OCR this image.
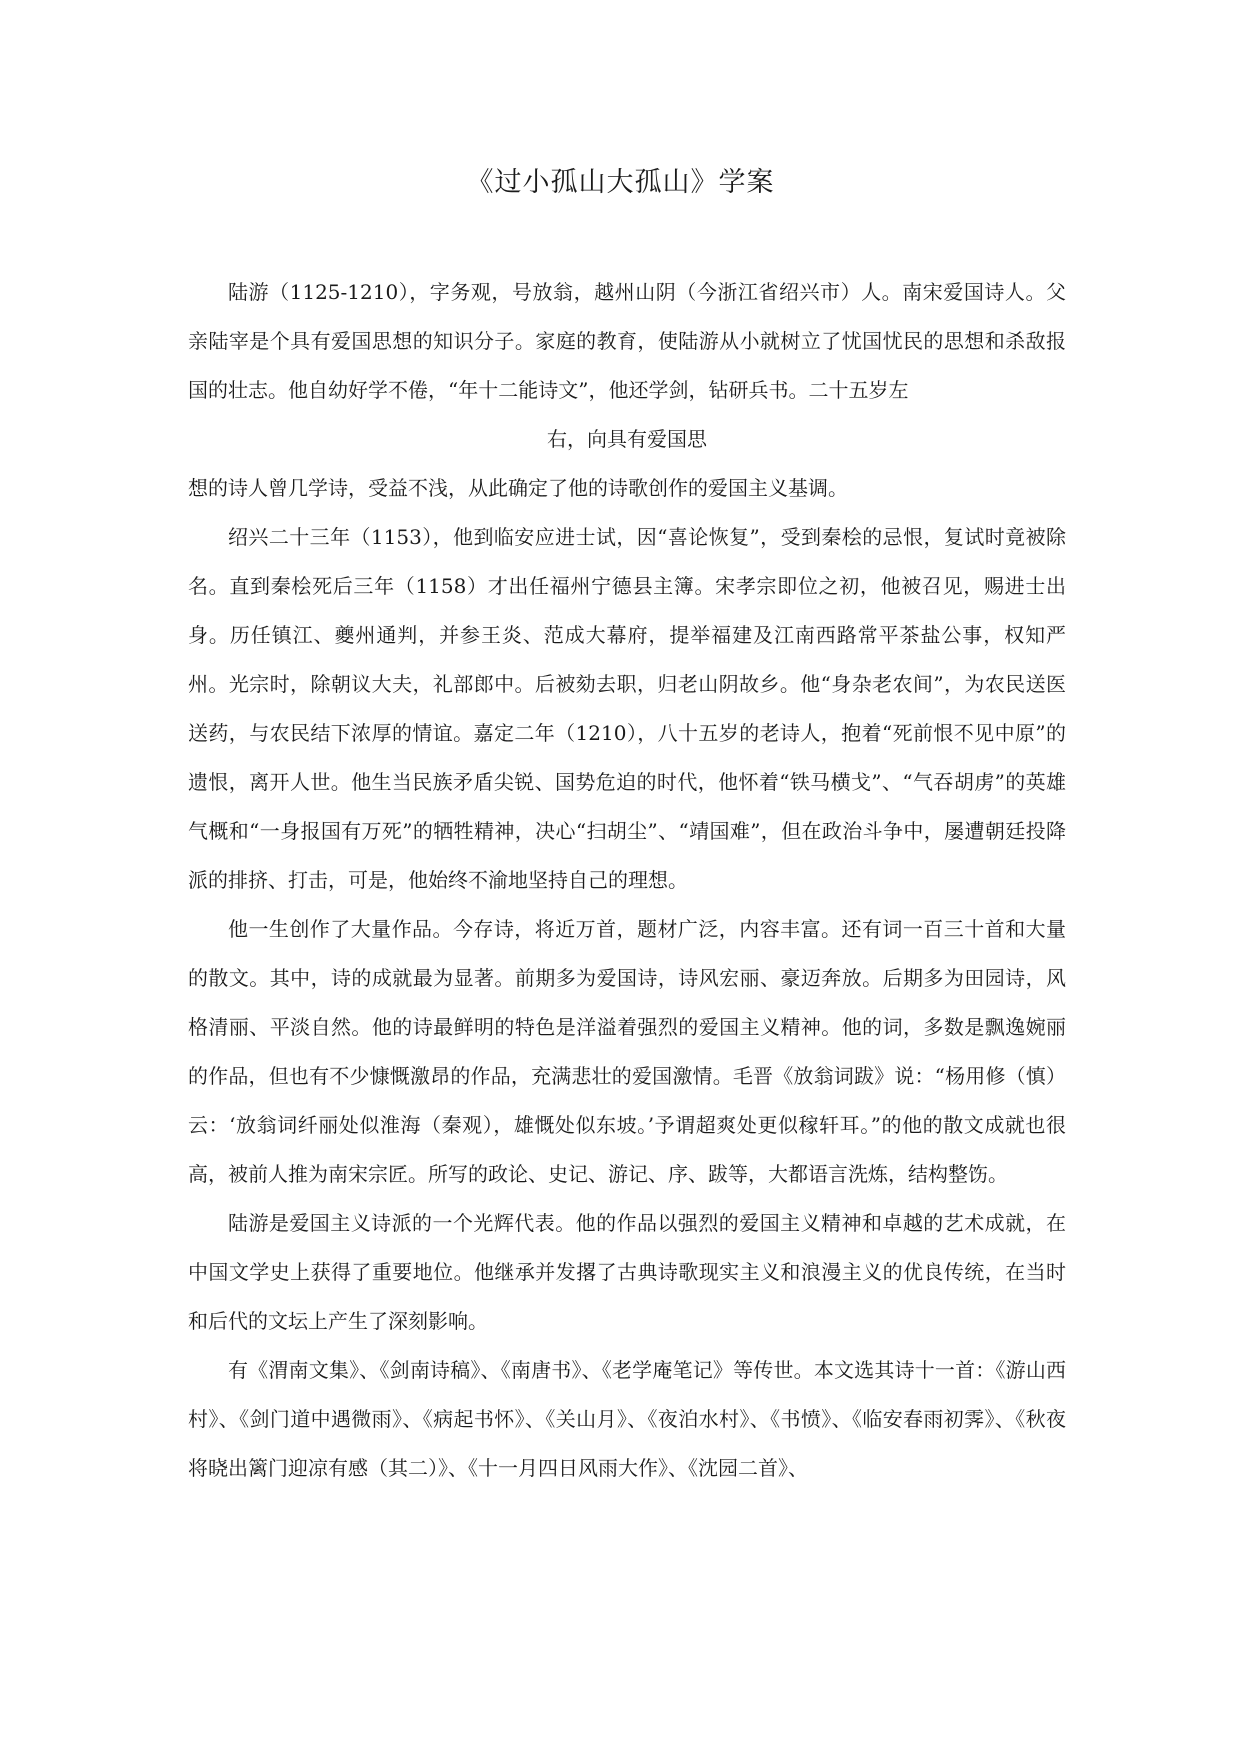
《过小孤山大孤山》学案

陆游（1125-1210），字务观，号放翁，越州山阴（今浙江省绍兴市）人。南宋爱国诗人。父亲陆宰是个具有爱国思想的知识分子。家庭的教育，使陆游从小就树立了忧国忧民的思想和杀敌报国的壮志。他自幼好学不倦，“年十二能诗文”，他还学剑，钻研兵书。二十五岁左

右，向具有爱国思

想的诗人曾几学诗，受益不浅，从此确定了他的诗歌创作的爱国主义基调。

绍兴二十三年（1153），他到临安应进士试，因“喜论恢复”，受到秦桧的忌恨，复试时竟被除名。直到秦桧死后三年（1158）才出任福州宁德县主簿。宋孝宗即位之初，他被召见，赐进士出身。历任镇江、夔州通判，并参王炎、范成大幕府，提举福建及江南西路常平茶盐公事，权知严州。光宗时，除朝议大夫，礼部郎中。后被劾去职，归老山阴故乡。他“身杂老农间”，为农民送医送药，与农民结下浓厚的情谊。嘉定二年（1210），八十五岁的老诗人，抱着“死前恨不见中原”的遗恨，离开人世。他生当民族矛盾尖锐、国势危迫的时代，他怀着“铁马横戈”、“气吞胡虏”的英雄气概和“一身报国有万死”的牺牲精神，决心“扫胡尘”、“靖国难”，但在政治斗争中，屡遭朝廷投降派的排挤、打击，可是，他始终不渝地坚持自己的理想。

他一生创作了大量作品。今存诗，将近万首，题材广泛，内容丰富。还有词一百三十首和大量的散文。其中，诗的成就最为显著。前期多为爱国诗，诗风宏丽、豪迈奔放。后期多为田园诗，风格清丽、平淡自然。他的诗最鲜明的特色是洋溢着强烈的爱国主义精神。他的词，多数是飘逸婉丽的作品，但也有不少慷慨激昂的作品，充满悲壮的爱国激情。毛晋《放翁词跋》说：“杨用修（慎）云：‘放翁词纤丽处似淮海（秦观），雄慨处似东坡。’予谓超爽处更似稼轩耳。”的他的散文成就也很高，被前人推为南宋宗匠。所写的政论、史记、游记、序、跋等，大都语言洗炼，结构整饬。

陆游是爱国主义诗派的一个光辉代表。他的作品以强烈的爱国主义精神和卓越的艺术成就，在中国文学史上获得了重要地位。他继承并发撂了古典诗歌现实主义和浪漫主义的优良传统，在当时和后代的文坛上产生了深刻影响。

有《渭南文集》、《剑南诗稿》、《南唐书》、《老学庵笔记》等传世。本文选其诗十一首：《游山西村》、《剑门道中遇微雨》、《病起书怀》、《关山月》、《夜泊水村》、《书愤》、《临安春雨初霁》、《秋夜将晓出篱门迎凉有感（其二）》、《十一月四日风雨大作》、《沈园二首》、
